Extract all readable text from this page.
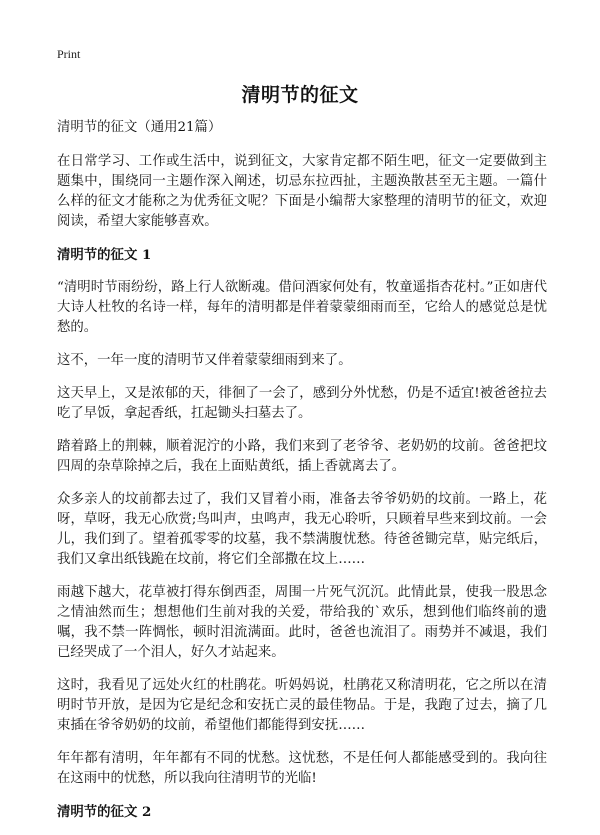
Print
清明节的征文

清明节的征文（通用21篇）

在日常学习、工作或生活中，说到征文，大家肯定都不陌生吧，征文一定要做到主题集中，围绕同一主题作深入阐述，切忌东拉西扯，主题涣散甚至无主题。一篇什么样的征文才能称之为优秀征文呢？下面是小编帮大家整理的清明节的征文，欢迎阅读，希望大家能够喜欢。

清明节的征文 1

“清明时节雨纷纷，路上行人欲断魂。借问酒家何处有，牧童遥指杏花村。”正如唐代大诗人杜牧的名诗一样，每年的清明都是伴着蒙蒙细雨而至，它给人的感觉总是忧愁的。

这不，一年一度的清明节又伴着蒙蒙细雨到来了。

这天早上，又是浓郁的天，徘徊了一会了，感到分外忧愁，仍是不适宜!被爸爸拉去吃了早饭，拿起香纸，扛起锄头扫墓去了。

踏着路上的荆棘，顺着泥泞的小路，我们来到了老爷爷、老奶奶的坟前。爸爸把坟四周的杂草除掉之后，我在上面贴黄纸，插上香就离去了。

众多亲人的坟前都去过了，我们又冒着小雨，准备去爷爷奶奶的坟前。一路上，花呀，草呀，我无心欣赏;鸟叫声，虫鸣声，我无心聆听，只顾着早些来到坟前。一会儿，我们到了。望着孤零零的坟墓，我不禁满腹忧愁。待爸爸锄完草，贴完纸后，我们又拿出纸钱跪在坟前，将它们全部撒在坟上……

雨越下越大，花草被打得东倒西歪，周围一片死气沉沉。此情此景，使我一股思念之情油然而生；想想他们生前对我的关爱，带给我的`欢乐，想到他们临终前的遗嘱，我不禁一阵惆怅，顿时泪流满面。此时，爸爸也流泪了。雨势并不减退，我们已经哭成了一个泪人，好久才站起来。

这时，我看见了远处火红的杜鹃花。听妈妈说，杜鹃花又称清明花，它之所以在清明时节开放，是因为它是纪念和安抚亡灵的最佳物品。于是，我跑了过去，摘了几束插在爷爷奶奶的坟前，希望他们都能得到安抚……

年年都有清明，年年都有不同的忧愁。这忧愁，不是任何人都能感受到的。我向往在这雨中的忧愁，所以我向往清明节的光临!

清明节的征文 2
